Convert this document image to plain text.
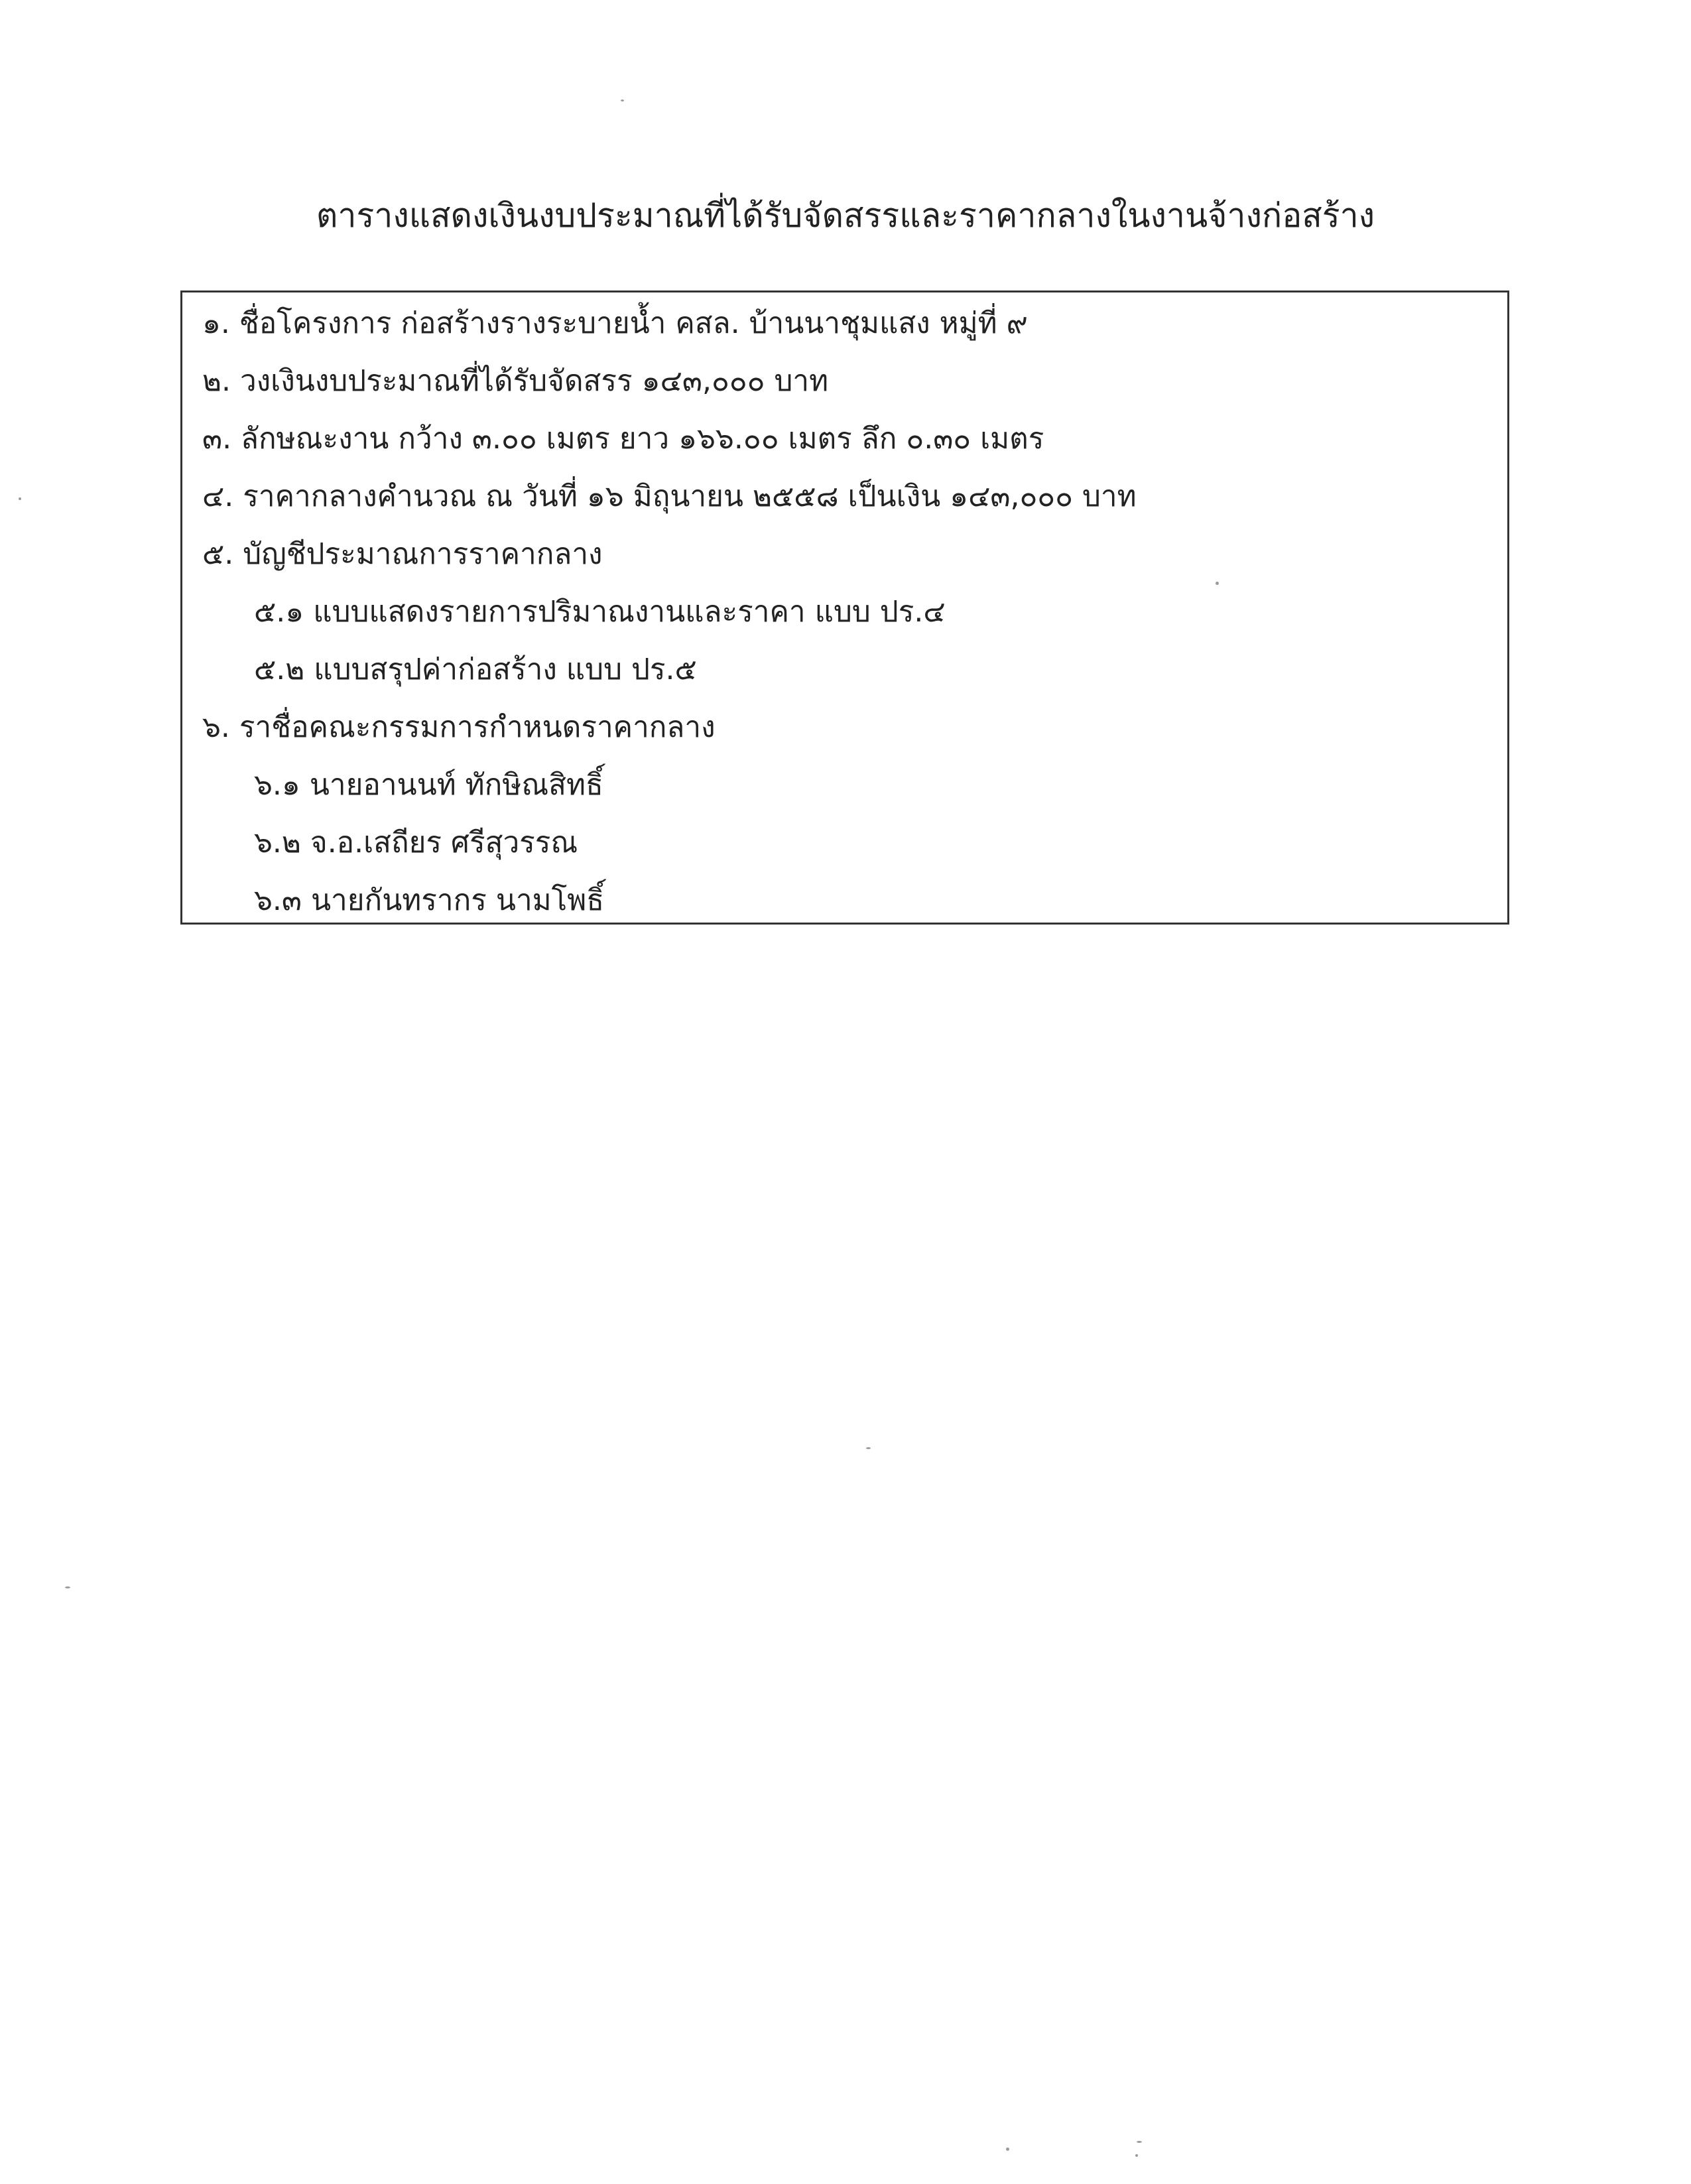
ตารางแสดงเงินงบประมาณที่ได้รับจัดสรรและราคากลางในงานจ้างก่อสร้าง
๑. ชื่อโครงการ ก่อสร้างรางระบายน้ำ คสล. บ้านนาชุมแสง หมู่ที่ ๙
๒. วงเงินงบประมาณที่ได้รับจัดสรร ๑๔๓,๐๐๐ บาท
๓. ลักษณะงาน กว้าง ๓.๐๐ เมตร ยาว ๑๖๖.๐๐ เมตร ลึก ๐.๓๐ เมตร
๔. ราคากลางคำนวณ ณ วันที่ ๑๖ มิถุนายน ๒๕๕๘ เป็นเงิน ๑๔๓,๐๐๐ บาท
๕. บัญชีประมาณการราคากลาง
๕.๑ แบบแสดงรายการปริมาณงานและราคา แบบ ปร.๔
๕.๒ แบบสรุปค่าก่อสร้าง แบบ ปร.๕
๖. ราชื่อคณะกรรมการกำหนดราคากลาง
๖.๑ นายอานนท์ ทักษิณสิทธิ์
๖.๒ จ.อ.เสถียร ศรีสุวรรณ
๖.๓ นายกันทรากร นามโพธิ์
